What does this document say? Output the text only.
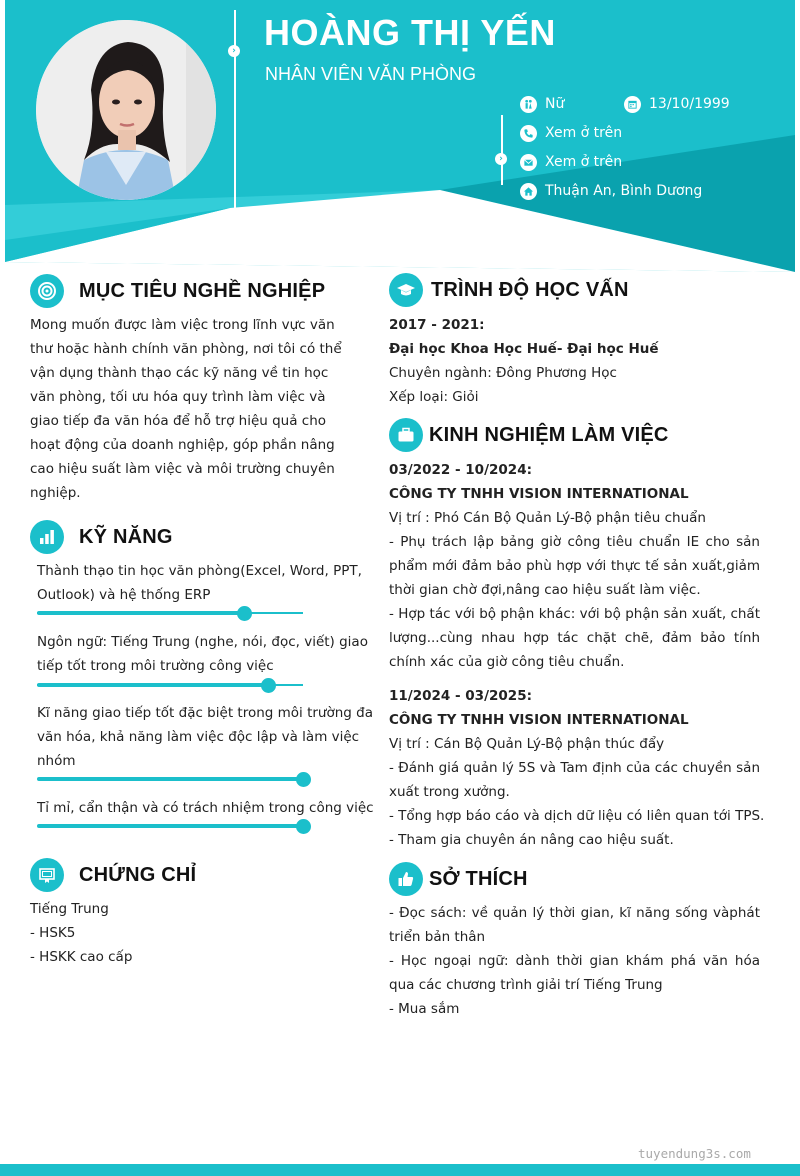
›
›
HOÀNG THỊ YẾN
NHÂN VIÊN VĂN PHÒNG
Nữ	13/10/1999
Xem ở trên
Xem ở trên
Thuận An, Bình Dương
MỤC TIÊU NGHỀ NGHIỆP
Mong muốn được làm việc trong lĩnh vực văn
thư hoặc hành chính văn phòng, nơi tôi có thể
vận dụng thành thạo các kỹ năng về tin học
văn phòng, tối ưu hóa quy trình làm việc và
giao tiếp đa văn hóa để hỗ trợ hiệu quả cho
hoạt động của doanh nghiệp, góp phần nâng
cao hiệu suất làm việc và môi trường chuyên
nghiệp.
KỸ NĂNG
Thành thạo tin học văn phòng(Excel, Word, PPT,
Outlook) và hệ thống ERP
Ngôn ngữ: Tiếng Trung (nghe, nói, đọc, viết) giao
tiếp tốt trong môi trường công việc
Kĩ năng giao tiếp tốt đặc biệt trong môi trường đa
văn hóa, khả năng làm việc độc lập và làm việc
nhóm
Tỉ mỉ, cẩn thận và có trách nhiệm trong công việc
CHỨNG CHỈ
Tiếng Trung
- HSK5
- HSKK cao cấp
TRÌNH ĐỘ HỌC VẤN
2017 - 2021:
Đại học Khoa Học Huế- Đại học Huế
Chuyên ngành: Đông Phương Học
Xếp loại: Giỏi
KINH NGHIỆM LÀM VIỆC
03/2022 - 10/2024:
CÔNG TY TNHH VISION INTERNATIONAL
Vị trí : Phó Cán Bộ Quản Lý-Bộ phận tiêu chuẩn
- Phụ trách lập bảng giờ công tiêu chuẩn IE cho sản phẩm mới đảm bảo phù hợp với thực tế sản xuất,giảm thời gian chờ đợi,nâng cao hiệu suất làm việc.
- Hợp tác với bộ phận khác: với bộ phận sản xuất, chất lượng...cùng nhau hợp tác chặt chẽ, đảm bảo tính chính xác của giờ công tiêu chuẩn.
11/2024 - 03/2025:
CÔNG TY TNHH VISION INTERNATIONAL
Vị trí : Cán Bộ Quản Lý-Bộ phận thúc đẩy
- Đánh giá quản lý 5S và Tam định của các chuyền sản xuất trong xưởng.
- Tổng hợp báo cáo và dịch dữ liệu có liên quan tới TPS.
- Tham gia chuyên án nâng cao hiệu suất.
SỞ THÍCH
- Đọc sách: về quản lý thời gian, kĩ năng sống vàphát triển bản thân
- Học ngoại ngữ: dành thời gian khám phá văn hóa qua các chương trình giải trí Tiếng Trung
- Mua sắm
tuyendung3s.com
